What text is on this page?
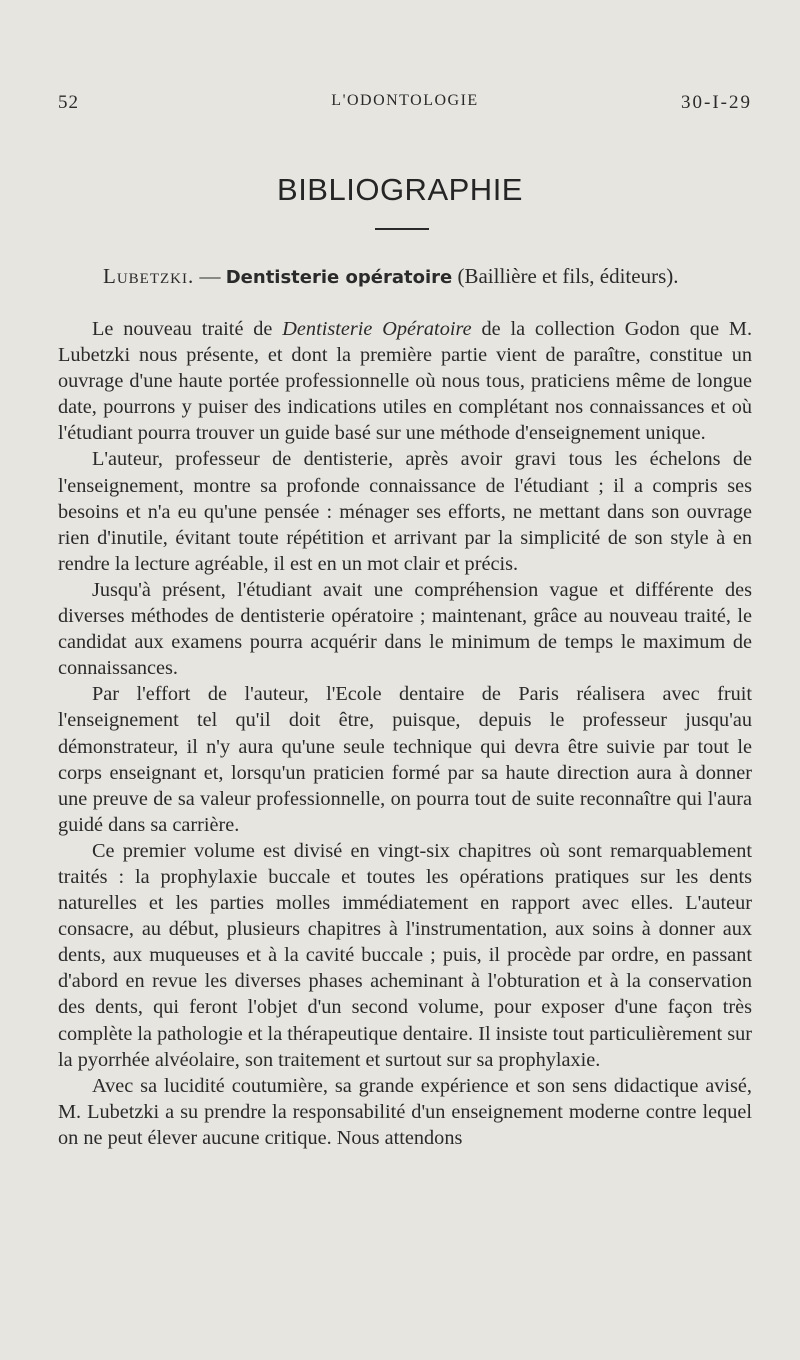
52	L'ODONTOLOGIE	30-I-29
BIBLIOGRAPHIE
Lubetzki. — Dentisterie opératoire (Baillière et fils, éditeurs).

Le nouveau traité de Dentisterie Opératoire de la collection Godon que M. Lubetzki nous présente, et dont la première partie vient de paraître, constitue un ouvrage d'une haute portée professionnelle où nous tous, praticiens même de longue date, pourrons y puiser des indications utiles en complétant nos connaissances et où l'étudiant pourra trouver un guide basé sur une méthode d'enseignement unique.

L'auteur, professeur de dentisterie, après avoir gravi tous les échelons de l'enseignement, montre sa profonde connaissance de l'étudiant ; il a compris ses besoins et n'a eu qu'une pensée : ménager ses efforts, ne mettant dans son ouvrage rien d'inutile, évitant toute répétition et arrivant par la simplicité de son style à en rendre la lecture agréable, il est en un mot clair et précis.

Jusqu'à présent, l'étudiant avait une compréhension vague et différente des diverses méthodes de dentisterie opératoire ; maintenant, grâce au nouveau traité, le candidat aux examens pourra acquérir dans le minimum de temps le maximum de connaissances.

Par l'effort de l'auteur, l'Ecole dentaire de Paris réalisera avec fruit l'enseignement tel qu'il doit être, puisque, depuis le professeur jusqu'au démonstrateur, il n'y aura qu'une seule technique qui devra être suivie par tout le corps enseignant et, lorsqu'un praticien formé par sa haute direction aura à donner une preuve de sa valeur professionnelle, on pourra tout de suite reconnaître qui l'aura guidé dans sa carrière.

Ce premier volume est divisé en vingt-six chapitres où sont remarquablement traités : la prophylaxie buccale et toutes les opérations pratiques sur les dents naturelles et les parties molles immédiatement en rapport avec elles. L'auteur consacre, au début, plusieurs chapitres à l'instrumentation, aux soins à donner aux dents, aux muqueuses et à la cavité buccale ; puis, il procède par ordre, en passant d'abord en revue les diverses phases acheminant à l'obturation et à la conservation des dents, qui feront l'objet d'un second volume, pour exposer d'une façon très complète la pathologie et la thérapeutique dentaire. Il insiste tout particulièrement sur la pyorrhée alvéolaire, son traitement et surtout sur sa prophylaxie.

Avec sa lucidité coutumière, sa grande expérience et son sens didactique avisé, M. Lubetzki a su prendre la responsabilité d'un enseignement moderne contre lequel on ne peut élever aucune critique. Nous attendons
